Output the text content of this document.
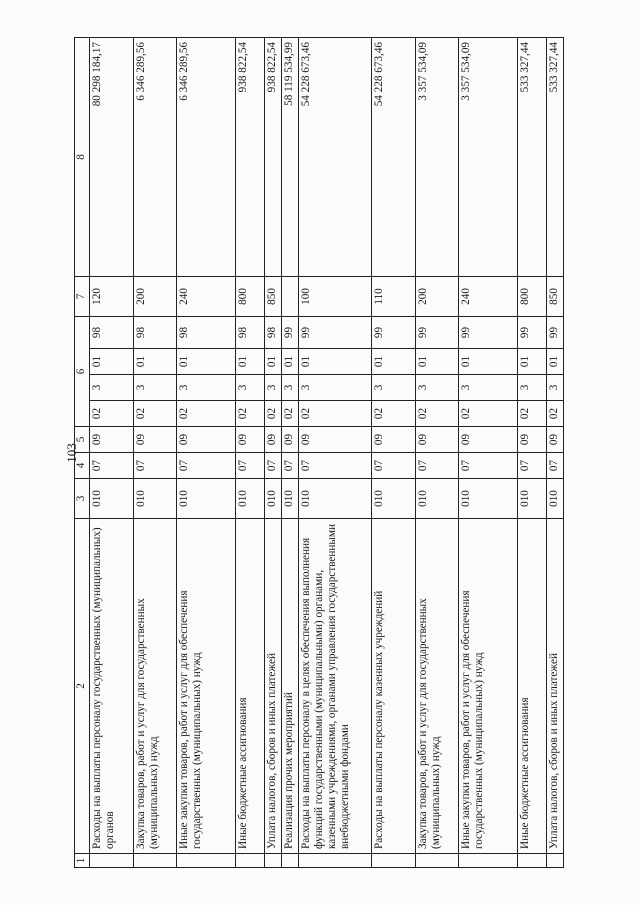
103
1	2	3	4	5	6				7	8
	Расходы на выплаты персоналу государственных (муниципальных) органов	010	07	09	02	3	01	98	120	80 298 184,17
	Закупка товаров, работ и услуг для государственных (муниципальных) нужд	010	07	09	02	3	01	98	200	6 346 289,56
	Иные закупки товаров, работ и услуг для обеспечения государственных (муниципальных) нужд	010	07	09	02	3	01	98	240	6 346 289,56
	Иные бюджетные ассигнования	010	07	09	02	3	01	98	800	938 822,54
	Уплата налогов, сборов и иных платежей	010	07	09	02	3	01	98	850	938 822,54
	Реализация прочих мероприятий	010	07	09	02	3	01	99		58 119 534,99
	Расходы на выплаты персоналу в целях обеспечения выполнения функций государственными (муниципальными) органами, казенными учреждениями, органами управления государственными внебюджетными фондами	010	07	09	02	3	01	99	100	54 228 673,46
	Расходы на выплаты персоналу казенных учреждений	010	07	09	02	3	01	99	110	54 228 673,46
	Закупка товаров, работ и услуг для государственных (муниципальных) нужд	010	07	09	02	3	01	99	200	3 357 534,09
	Иные закупки товаров, работ и услуг для обеспечения государственных (муниципальных) нужд	010	07	09	02	3	01	99	240	3 357 534,09
	Иные бюджетные ассигнования	010	07	09	02	3	01	99	800	533 327,44
	Уплата налогов, сборов и иных платежей	010	07	09	02	3	01	99	850	533 327,44
